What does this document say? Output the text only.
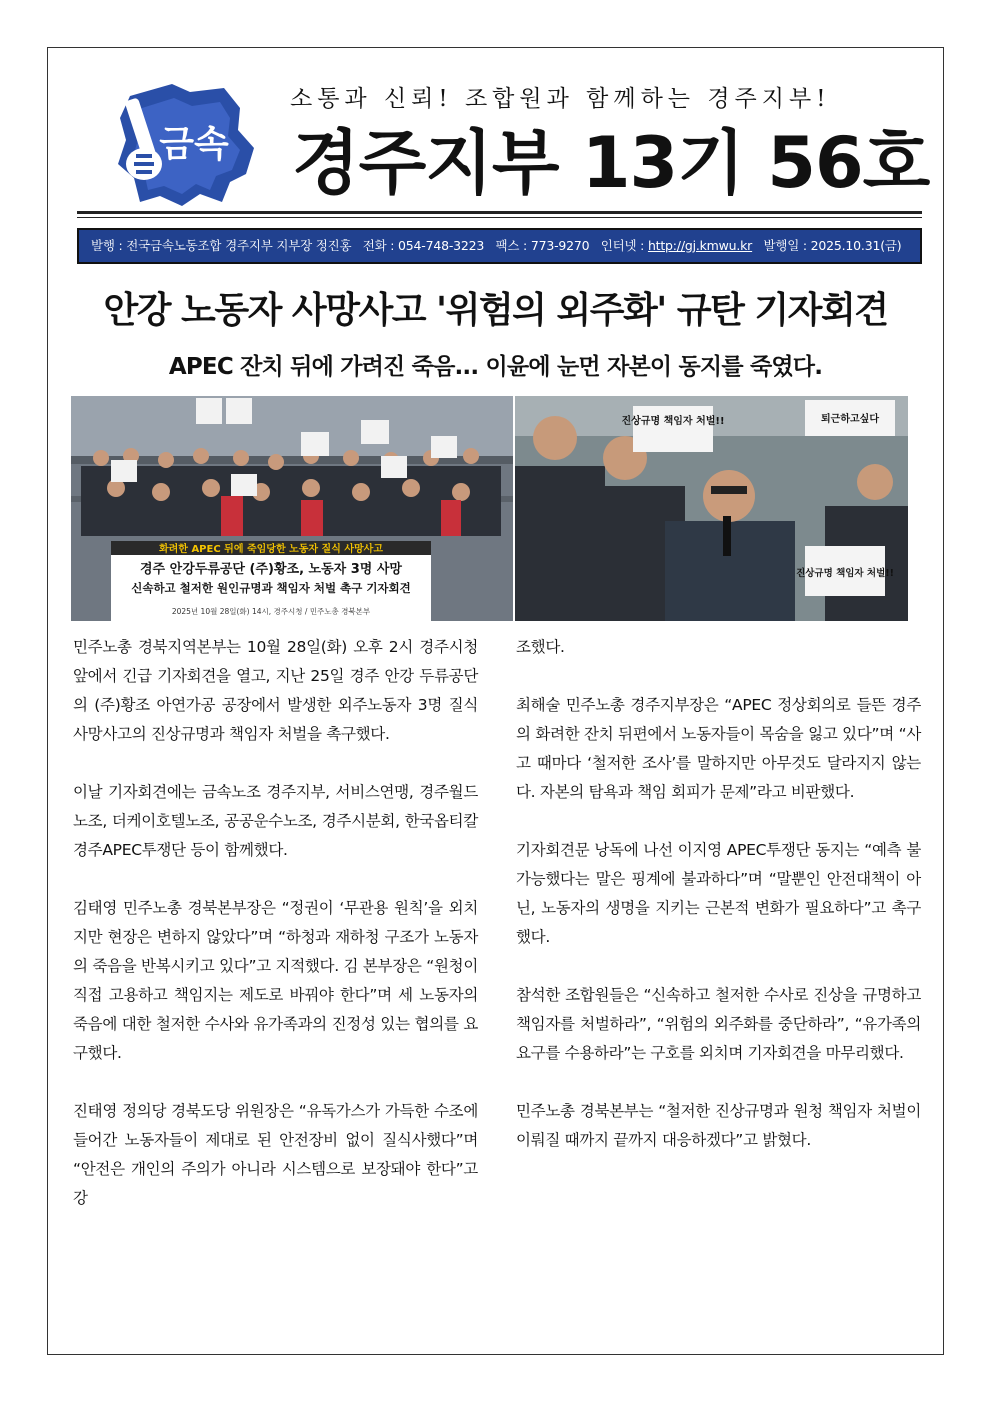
금속
소통과 신뢰! 조합원과 함께하는 경주지부!
경주지부 13기 56호
발행 : 전국금속노동조합 경주지부 지부장 정진홍 전화 : 054-748-3223 팩스 : 773-9270 인터넷 : http://gj.kmwu.kr 발행일 : 2025.10.31(금)
안강 노동자 사망사고 '위험의 외주화' 규탄 기자회견
APEC 잔치 뒤에 가려진 죽음... 이윤에 눈먼 자본이 동지를 죽였다.
화려한 APEC 뒤에 죽임당한 노동자 질식 사망사고
경주 안강두류공단 (주)황조, 노동자 3명 사망
신속하고 철저한 원인규명과 책임자 처벌 촉구 기자회견
2025년 10월 28일(화) 14시, 경주시청 / 민주노총 경북본부
진상규명 책임자 처벌!!	퇴근하고싶다
진상규명 책임자 처벌!!

민주노총 경북지역본부는 10월 28일(화) 오후 2시 경주시청 앞에서 긴급 기자회견을 열고, 지난 25일 경주 안강 두류공단의 (주)황조 아연가공 공장에서 발생한 외주노동자 3명 질식 사망사고의 진상규명과 책임자 처벌을 촉구했다.

이날 기자회견에는 금속노조 경주지부, 서비스연맹, 경주월드노조, 더케이호텔노조, 공공운수노조, 경주시분회, 한국옵티칼경주APEC투쟁단 등이 함께했다.

김태영 민주노총 경북본부장은 “정권이 ‘무관용 원칙’을 외치지만 현장은 변하지 않았다”며 “하청과 재하청 구조가 노동자의 죽음을 반복시키고 있다”고 지적했다. 김 본부장은 “원청이 직접 고용하고 책임지는 제도로 바꿔야 한다”며 세 노동자의 죽음에 대한 철저한 수사와 유가족과의 진정성 있는 협의를 요구했다.

진태영 정의당 경북도당 위원장은 “유독가스가 가득한 수조에 들어간 노동자들이 제대로 된 안전장비 없이 질식사했다”며 “안전은 개인의 주의가 아니라 시스템으로 보장돼야 한다”고 강

조했다.

최해술 민주노총 경주지부장은 “APEC 정상회의로 들뜬 경주의 화려한 잔치 뒤편에서 노동자들이 목숨을 잃고 있다”며 “사고 때마다 ‘철저한 조사’를 말하지만 아무것도 달라지지 않는다. 자본의 탐욕과 책임 회피가 문제”라고 비판했다.

기자회견문 낭독에 나선 이지영 APEC투쟁단 동지는 “예측 불가능했다는 말은 핑계에 불과하다”며 “말뿐인 안전대책이 아닌, 노동자의 생명을 지키는 근본적 변화가 필요하다”고 촉구했다.

참석한 조합원들은 “신속하고 철저한 수사로 진상을 규명하고 책임자를 처벌하라”, “위험의 외주화를 중단하라”, “유가족의 요구를 수용하라”는 구호를 외치며 기자회견을 마무리했다.

민주노총 경북본부는 “철저한 진상규명과 원청 책임자 처벌이 이뤄질 때까지 끝까지 대응하겠다”고 밝혔다.
